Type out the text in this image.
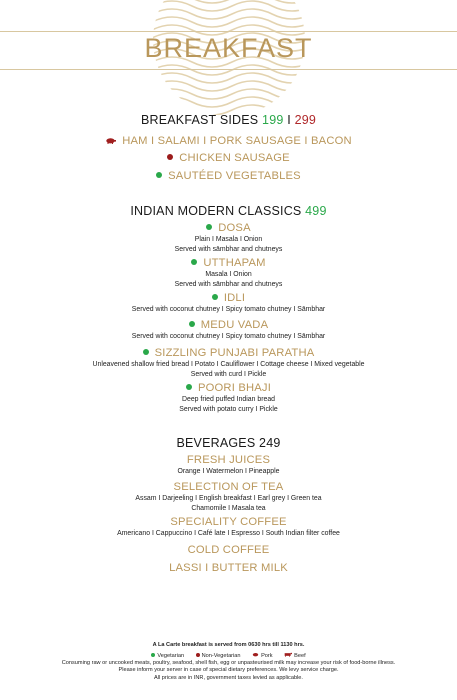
BREAKFAST
BREAKFAST SIDES 199 I 299
HAM I SALAMI I PORK SAUSAGE I BACON
CHICKEN SAUSAGE
SAUTÉED VEGETABLES
INDIAN MODERN CLASSICS 499
DOSA
Plain I Masala I Onion
Served with sāmbhar and chutneys
UTTHAPAM
Masala I Onion
Served with sāmbhar and chutneys
IDLI
Served with coconut chutney I Spicy tomato chutney I Sāmbhar
MEDU VADA
Served with coconut chutney I Spicy tomato chutney I Sāmbhar
SIZZLING PUNJABI PARATHA
Unleavened shallow fried bread I Potato I Cauliflower I Cottage cheese I Mixed vegetable
Served with curd I Pickle
POORI BHAJI
Deep fried puffed Indian bread
Served with potato curry I Pickle
BEVERAGES 249
FRESH JUICES
Orange I Watermelon I Pineapple
SELECTION OF TEA
Assam I Darjeeling I English breakfast I Earl grey I Green tea
Chamomile I Masala tea
SPECIALITY COFFEE
Americano I Cappuccino I Café late I Espresso I South Indian filter coffee
COLD COFFEE
LASSI I BUTTER MILK
A La Carte breakfast is served from 0630 hrs till 1130 hrs.
Vegetarian	Non-Vegetarian	Pork	Beef
Consuming raw or uncooked meats, poultry, seafood, shell fish, egg or unpasteurised milk may increase your risk of food-borne illness.
Please inform your server in case of special dietary preferences. We levy service charge.
All prices are in INR, government taxes levied as applicable.
